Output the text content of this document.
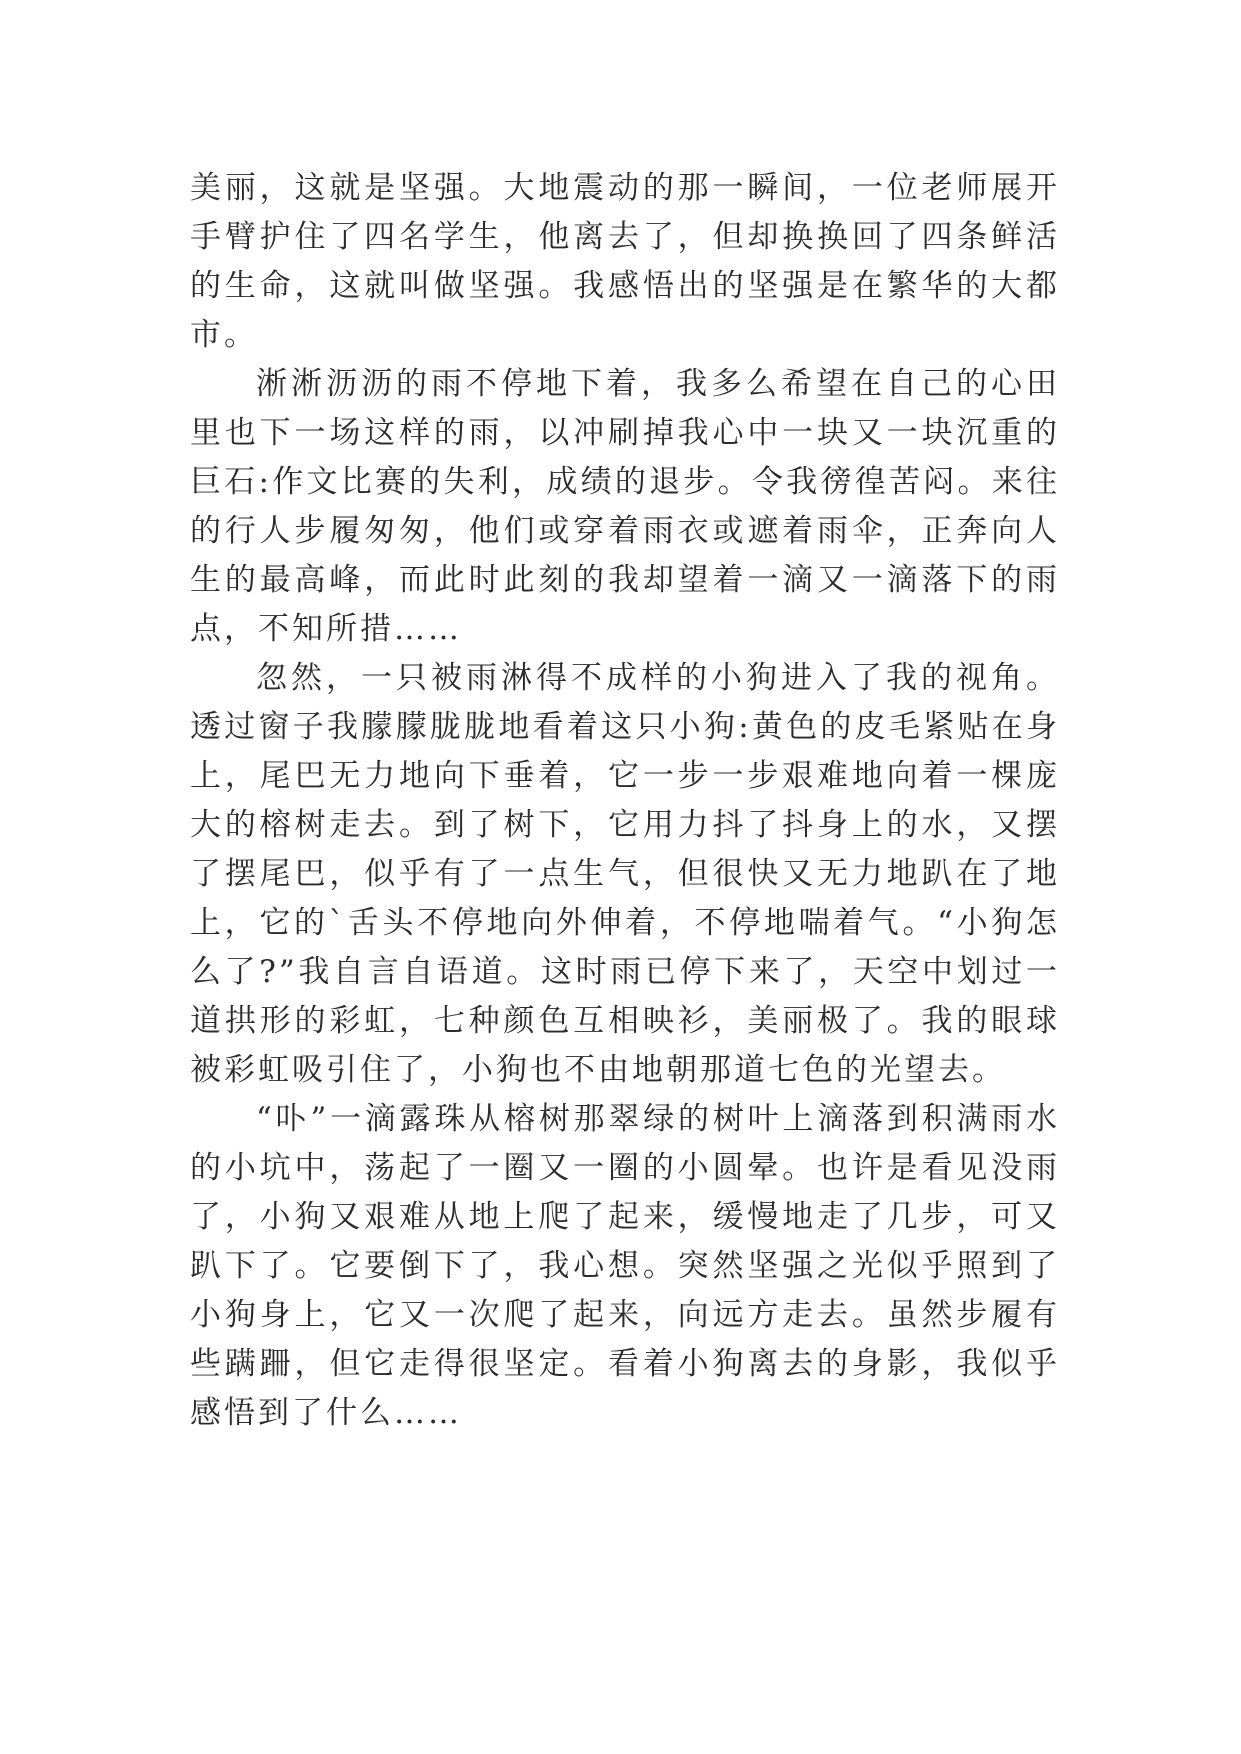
美丽，这就是坚强。大地震动的那一瞬间，一位老师展开手臂护住了四名学生，他离去了，但却换换回了四条鲜活的生命，这就叫做坚强。我感悟出的坚强是在繁华的大都市。

淅淅沥沥的雨不停地下着，我多么希望在自己的心田里也下一场这样的雨，以冲刷掉我心中一块又一块沉重的巨石:作文比赛的失利，成绩的退步。令我徬徨苦闷。来往的行人步履匆匆，他们或穿着雨衣或遮着雨伞，正奔向人生的最高峰，而此时此刻的我却望着一滴又一滴落下的雨点，不知所措……

忽然，一只被雨淋得不成样的小狗进入了我的视角。透过窗子我朦朦胧胧地看着这只小狗:黄色的皮毛紧贴在身上，尾巴无力地向下垂着，它一步一步艰难地向着一棵庞大的榕树走去。到了树下，它用力抖了抖身上的水，又摆了摆尾巴，似乎有了一点生气，但很快又无力地趴在了地上，它的`舌头不停地向外伸着，不停地喘着气。“小狗怎么了?”我自言自语道。这时雨已停下来了，天空中划过一道拱形的彩虹，七种颜色互相映衫，美丽极了。我的眼球被彩虹吸引住了，小狗也不由地朝那道七色的光望去。

“卟”一滴露珠从榕树那翠绿的树叶上滴落到积满雨水的小坑中，荡起了一圈又一圈的小圆晕。也许是看见没雨了，小狗又艰难从地上爬了起来，缓慢地走了几步，可又趴下了。它要倒下了，我心想。突然坚强之光似乎照到了小狗身上，它又一次爬了起来，向远方走去。虽然步履有些蹒跚，但它走得很坚定。看着小狗离去的身影，我似乎感悟到了什么……
